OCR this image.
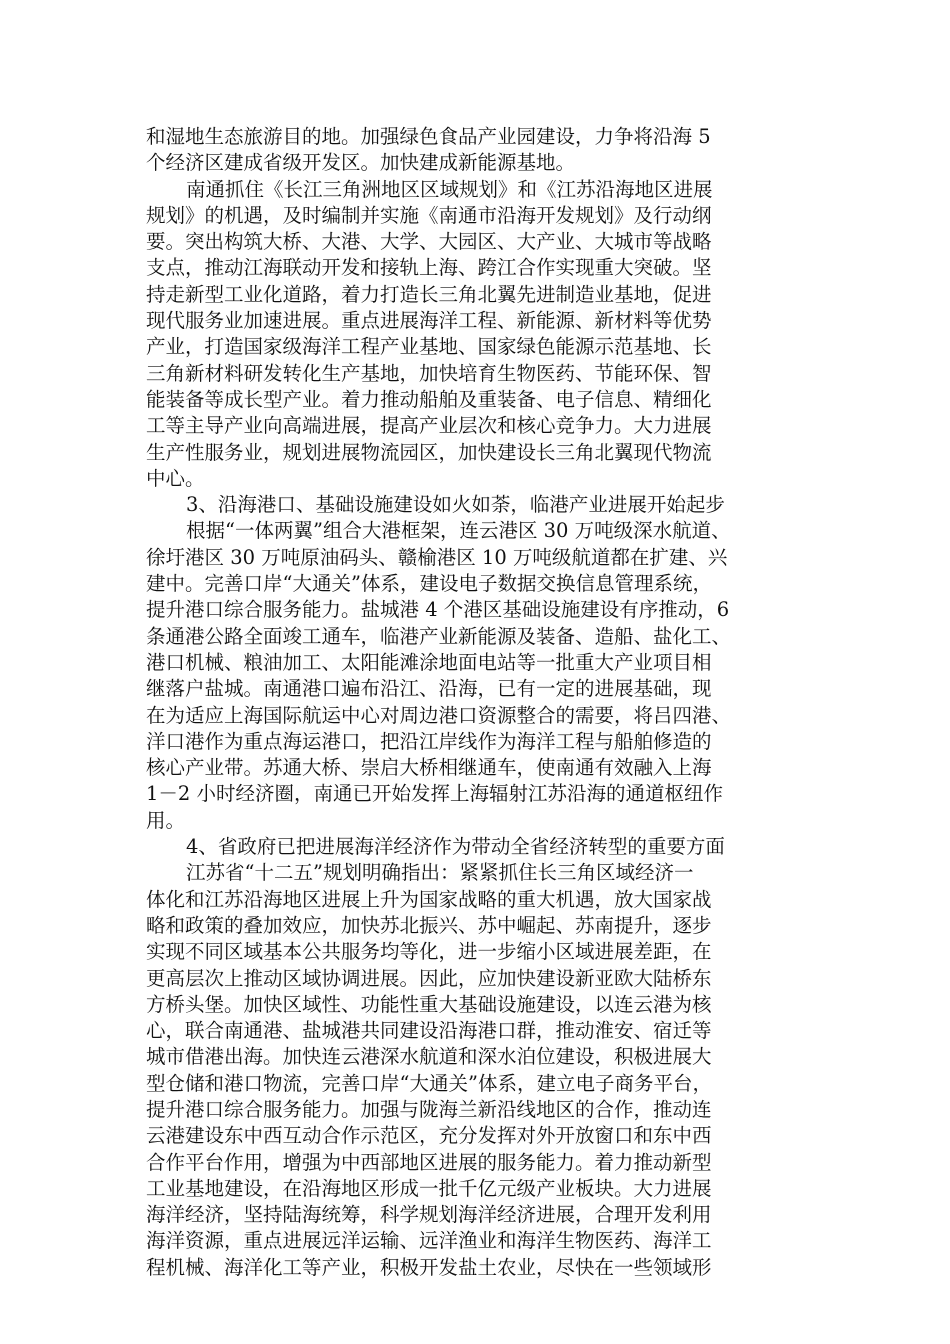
和湿地生态旅游目的地。加强绿色食品产业园建设，力争将沿海 5
个经济区建成省级开发区。加快建成新能源基地。
南通抓住《长江三角洲地区区域规划》和《江苏沿海地区进展
规划》的机遇，及时编制并实施《南通市沿海开发规划》及行动纲
要。突出构筑大桥、大港、大学、大园区、大产业、大城市等战略
支点，推动江海联动开发和接轨上海、跨江合作实现重大突破。坚
持走新型工业化道路，着力打造长三角北翼先进制造业基地，促进
现代服务业加速进展。重点进展海洋工程、新能源、新材料等优势
产业，打造国家级海洋工程产业基地、国家绿色能源示范基地、长
三角新材料研发转化生产基地，加快培育生物医药、节能环保、智
能装备等成长型产业。着力推动船舶及重装备、电子信息、精细化
工等主导产业向高端进展，提高产业层次和核心竞争力。大力进展
生产性服务业，规划进展物流园区，加快建设长三角北翼现代物流
中心。
3、沿海港口、基础设施建设如火如荼，临港产业进展开始起步
根据“一体两翼”组合大港框架，连云港区 30 万吨级深水航道、
徐圩港区 30 万吨原油码头、赣榆港区 10 万吨级航道都在扩建、兴
建中。完善口岸“大通关”体系，建设电子数据交换信息管理系统，
提升港口综合服务能力。盐城港 4 个港区基础设施建设有序推动，6
条通港公路全面竣工通车，临港产业新能源及装备、造船、盐化工、
港口机械、粮油加工、太阳能滩涂地面电站等一批重大产业项目相
继落户盐城。南通港口遍布沿江、沿海，已有一定的进展基础，现
在为适应上海国际航运中心对周边港口资源整合的需要，将吕四港、
洋口港作为重点海运港口，把沿江岸线作为海洋工程与船舶修造的
核心产业带。苏通大桥、崇启大桥相继通车，使南通有效融入上海
1－2 小时经济圈，南通已开始发挥上海辐射江苏沿海的通道枢纽作
用。
4、省政府已把进展海洋经济作为带动全省经济转型的重要方面
江苏省“十二五”规划明确指出：紧紧抓住长三角区域经济一
体化和江苏沿海地区进展上升为国家战略的重大机遇，放大国家战
略和政策的叠加效应，加快苏北振兴、苏中崛起、苏南提升，逐步
实现不同区域基本公共服务均等化，进一步缩小区域进展差距，在
更高层次上推动区域协调进展。因此，应加快建设新亚欧大陆桥东
方桥头堡。加快区域性、功能性重大基础设施建设，以连云港为核
心，联合南通港、盐城港共同建设沿海港口群，推动淮安、宿迁等
城市借港出海。加快连云港深水航道和深水泊位建设，积极进展大
型仓储和港口物流，完善口岸“大通关”体系，建立电子商务平台，
提升港口综合服务能力。加强与陇海兰新沿线地区的合作，推动连
云港建设东中西互动合作示范区，充分发挥对外开放窗口和东中西
合作平台作用，增强为中西部地区进展的服务能力。着力推动新型
工业基地建设，在沿海地区形成一批千亿元级产业板块。大力进展
海洋经济，坚持陆海统筹，科学规划海洋经济进展，合理开发利用
海洋资源，重点进展远洋运输、远洋渔业和海洋生物医药、海洋工
程机械、海洋化工等产业，积极开发盐土农业，尽快在一些领域形
